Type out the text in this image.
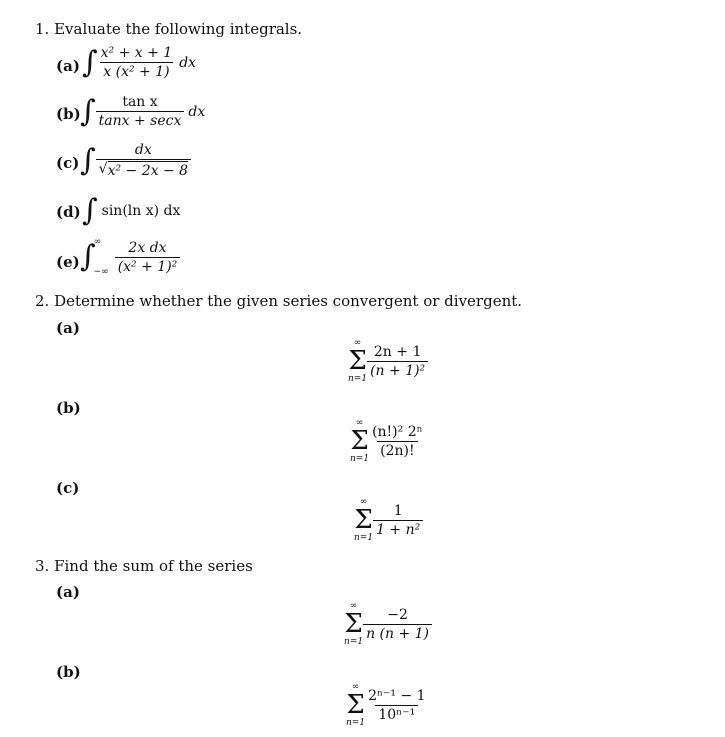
1. Evaluate the following integrals.
(a) ∫ $\frac{\text{x² + x + 1}}{\text{x (x² + 1)}}$ dx
(b) ∫ $\frac{\text{tan x}}{\tan x + \sec x}$ dx
(c) ∫ $\frac{dx}{\text{√ x² − 2x − 8}}$
(d) ∫ sin(ln x) dx
(e) ∫
∞
−∞ $\frac{\text{2x dx}}{\text{(x² + 1)²}}$
2. Determine whether the given series convergent or divergent.
(a)
∞
Σ
n=1
$\frac{2n + 1}{\text{(n + 1)²}}$
(b)
∞
Σ
n=1
$\frac{\text{(n!)² 2ⁿ}}{(2n)!}$
(c)
∞
Σ
n=1
$\frac{1}{\text{1 + n²}}$
3. Find the sum of the series
(a)
∞
Σ
n=1
$\frac{-2}{n (n + 1)}$
(b)
∞
Σ
n=1
$\frac{\text{2ⁿ⁻¹ − 1}}{\text{10ⁿ⁻¹}}$
